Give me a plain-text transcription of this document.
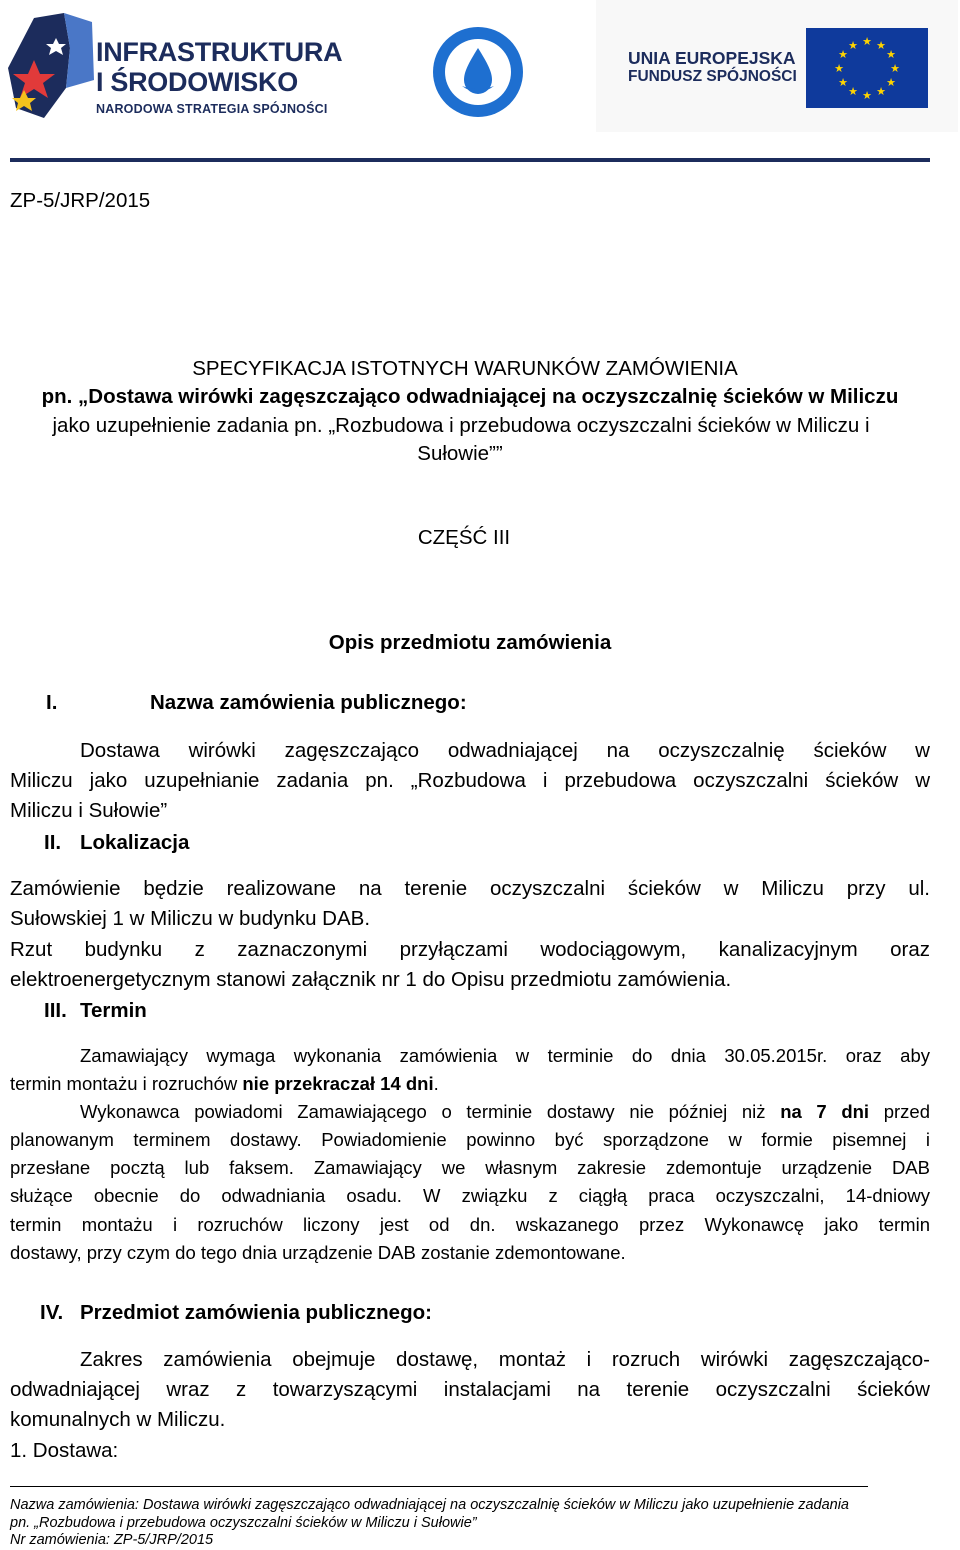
INFRASTRUKTURA
I ŚRODOWISKO
NARODOWA STRATEGIA SPÓJNOŚCI
UNIA EUROPEJSKA
FUNDUSZ SPÓJNOŚCI
★ ★
★
★
★
★
★
★
★
★
★
★
ZP-5/JRP/2015
SPECYFIKACJA ISTOTNYCH WARUNKÓW ZAMÓWIENIA
pn. „Dostawa wirówki zagęszczająco odwadniającej na oczyszczalnię ścieków w Miliczu
jako uzupełnienie zadania pn. „Rozbudowa i przebudowa oczyszczalni ścieków w Miliczu i
Sułowie””
CZĘŚĆ III
Opis przedmiotu zamówienia
I.	Nazwa zamówienia publicznego:
Dostawa wirówki zagęszczająco odwadniającej na oczyszczalnię ścieków w
Miliczu jako uzupełnianie zadania pn. „Rozbudowa i przebudowa oczyszczalni ścieków w
Miliczu i Sułowie”
II. Lokalizacja
Zamówienie będzie realizowane na terenie oczyszczalni ścieków w Miliczu przy ul.
Sułowskiej 1 w Miliczu w budynku DAB.
Rzut budynku z zaznaczonymi przyłączami wodociągowym, kanalizacyjnym oraz
elektroenergetycznym stanowi załącznik nr 1 do Opisu przedmiotu zamówienia.
III. Termin
Zamawiający wymaga wykonania zamówienia w terminie do dnia 30.05.2015r. oraz aby
termin montażu i rozruchów nie przekraczał 14 dni.
Wykonawca powiadomi Zamawiającego o terminie dostawy nie później niż na 7 dni przed
planowanym terminem dostawy. Powiadomienie powinno być sporządzone w formie pisemnej i
przesłane pocztą lub faksem. Zamawiający we własnym zakresie zdemontuje urządzenie DAB
służące obecnie do odwadniania osadu. W związku z ciągłą praca oczyszczalni, 14-dniowy
termin montażu i rozruchów liczony jest od dn. wskazanego przez Wykonawcę jako termin
dostawy, przy czym do tego dnia urządzenie DAB zostanie zdemontowane.
IV. Przedmiot zamówienia publicznego:
Zakres zamówienia obejmuje dostawę, montaż i rozruch wirówki zagęszczająco-
odwadniającej wraz z towarzyszącymi instalacjami na terenie oczyszczalni ścieków
komunalnych w Miliczu.
1. Dostawa:
Nazwa zamówienia: Dostawa wirówki zagęszczająco odwadniającej na oczyszczalnię ścieków w Miliczu jako uzupełnienie zadania
pn. „Rozbudowa i przebudowa oczyszczalni ścieków w Miliczu i Sułowie”
Nr zamówienia: ZP-5/JRP/2015
